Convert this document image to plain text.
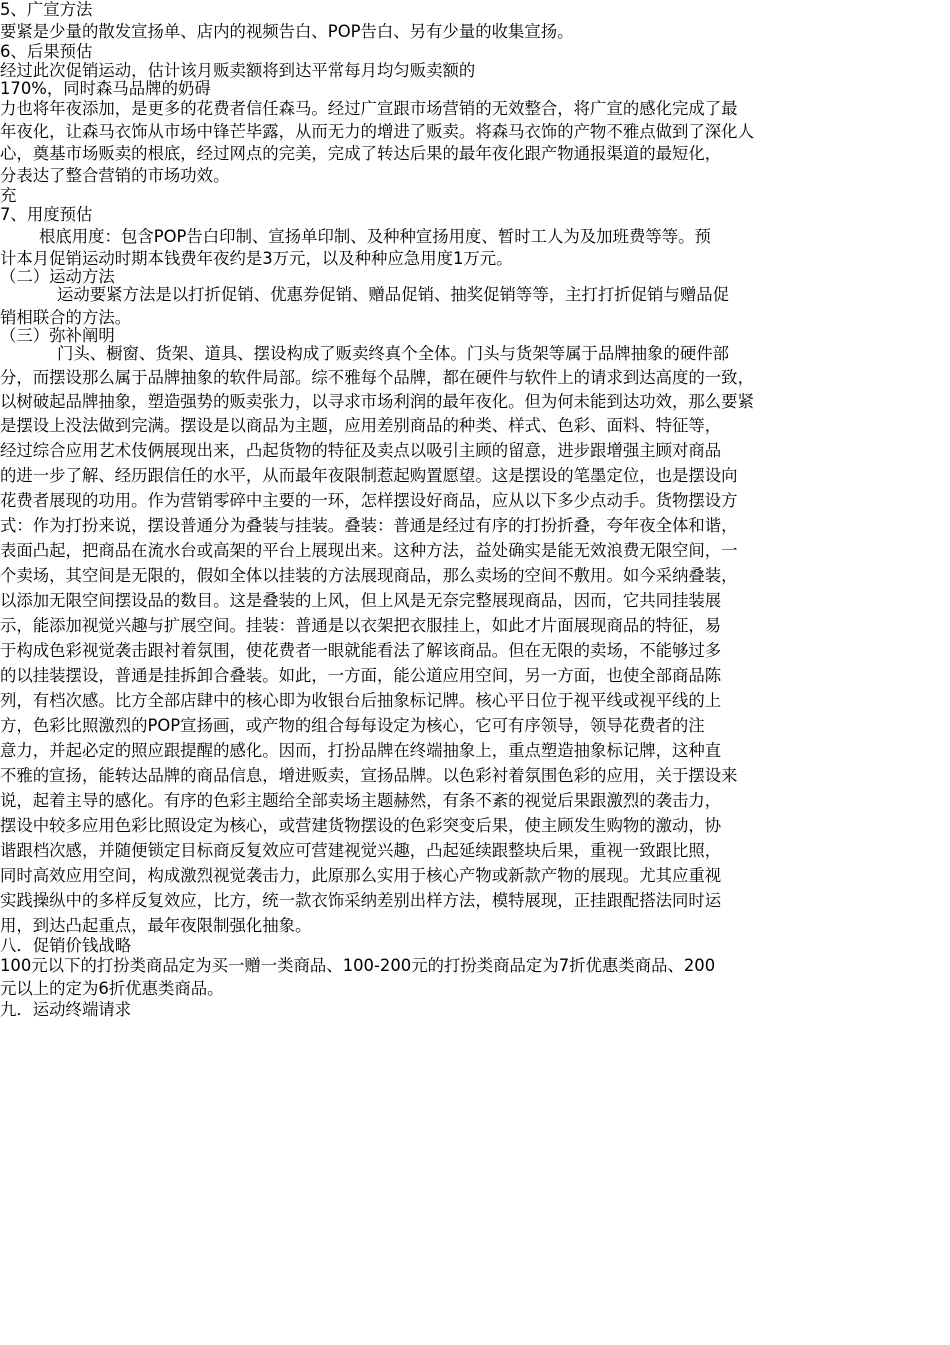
5、广宣方法

要紧是少量的散发宣扬单、店内的视频告白、POP告白、另有少量的收集宣扬。

6、后果预估

经过此次促销运动，估计该月贩卖额将到达平常每月均匀贩卖额的

170%，同时森马品牌的奶碍

力也将年夜添加，是更多的花费者信任森马。经过广宣跟市场营销的无效整合，将广宣的感化完成了最

年夜化，让森马衣饰从市场中锋芒毕露，从而无力的增进了贩卖。将森马衣饰的产物不雅点做到了深化人

心，奠基市场贩卖的根底，经过网点的完美，完成了转达后果的最年夜化跟产物通报渠道的最短化，

分表达了整合营销的市场功效。

充

7、用度预估

根底用度：包含POP告白印制、宣扬单印制、及种种宣扬用度、暂时工人为及加班费等等。预

计本月促销运动时期本钱费年夜约是3万元，以及种种应急用度1万元。

（二）运动方法

运动要紧方法是以打折促销、优惠券促销、赠品促销、抽奖促销等等，主打打折促销与赠品促

销相联合的方法。

（三）弥补阐明

门头、橱窗、货架、道具、摆设构成了贩卖终真个全体。门头与货架等属于品牌抽象的硬件部

分，而摆设那么属于品牌抽象的软件局部。综不雅每个品牌，都在硬件与软件上的请求到达高度的一致，

以树破起品牌抽象，塑造强势的贩卖张力，以寻求市场利润的最年夜化。但为何未能到达功效，那么要紧

是摆设上没法做到完满。摆设是以商品为主题，应用差别商品的种类、样式、色彩、面料、特征等，

经过综合应用艺术伎俩展现出来，凸起货物的特征及卖点以吸引主顾的留意，进步跟增强主顾对商品

的进一步了解、经历跟信任的水平，从而最年夜限制惹起购置愿望。这是摆设的笔墨定位，也是摆设向

花费者展现的功用。作为营销零碎中主要的一环，怎样摆设好商品，应从以下多少点动手。货物摆设方

式：作为打扮来说，摆设普通分为叠装与挂装。叠装：普通是经过有序的打扮折叠，夸年夜全体和谐，

表面凸起，把商品在流水台或高架的平台上展现出来。这种方法，益处确实是能无效浪费无限空间，一

个卖场，其空间是无限的，假如全体以挂装的方法展现商品，那么卖场的空间不敷用。如今采纳叠装，

以添加无限空间摆设品的数目。这是叠装的上风，但上风是无奈完整展现商品，因而，它共同挂装展

示，能添加视觉兴趣与扩展空间。挂装：普通是以衣架把衣服挂上，如此才片面展现商品的特征，易

于构成色彩视觉袭击跟衬着氛围，使花费者一眼就能看法了解该商品。但在无限的卖场，不能够过多

的以挂装摆设，普通是挂拆卸合叠装。如此，一方面，能公道应用空间，另一方面，也使全部商品陈

列，有档次感。比方全部店肆中的核心即为收银台后抽象标记牌。核心平日位于视平线或视平线的上

方，色彩比照激烈的POP宣扬画，或产物的组合每每设定为核心，它可有序领导，领导花费者的注

意力，并起必定的照应跟提醒的感化。因而，打扮品牌在终端抽象上，重点塑造抽象标记牌，这种直

不雅的宣扬，能转达品牌的商品信息，增进贩卖，宣扬品牌。以色彩衬着氛围色彩的应用，关于摆设来

说，起着主导的感化。有序的色彩主题给全部卖场主题赫然，有条不紊的视觉后果跟激烈的袭击力，

摆设中较多应用色彩比照设定为核心，或营建货物摆设的色彩突变后果，使主顾发生购物的激动，协

谐跟档次感，并随便锁定目标商反复效应可营建视觉兴趣，凸起延续跟整块后果，重视一致跟比照，

同时高效应用空间，构成激烈视觉袭击力，此原那么实用于核心产物或新款产物的展现。尤其应重视

实践操纵中的多样反复效应，比方，统一款衣饰采纳差别出样方法，模特展现，正挂跟配搭法同时运

用，到达凸起重点，最年夜限制强化抽象。

八．促销价钱战略

100元以下的打扮类商品定为买一赠一类商品、100-200元的打扮类商品定为7折优惠类商品、200

元以上的定为6折优惠类商品。

九．运动终端请求
